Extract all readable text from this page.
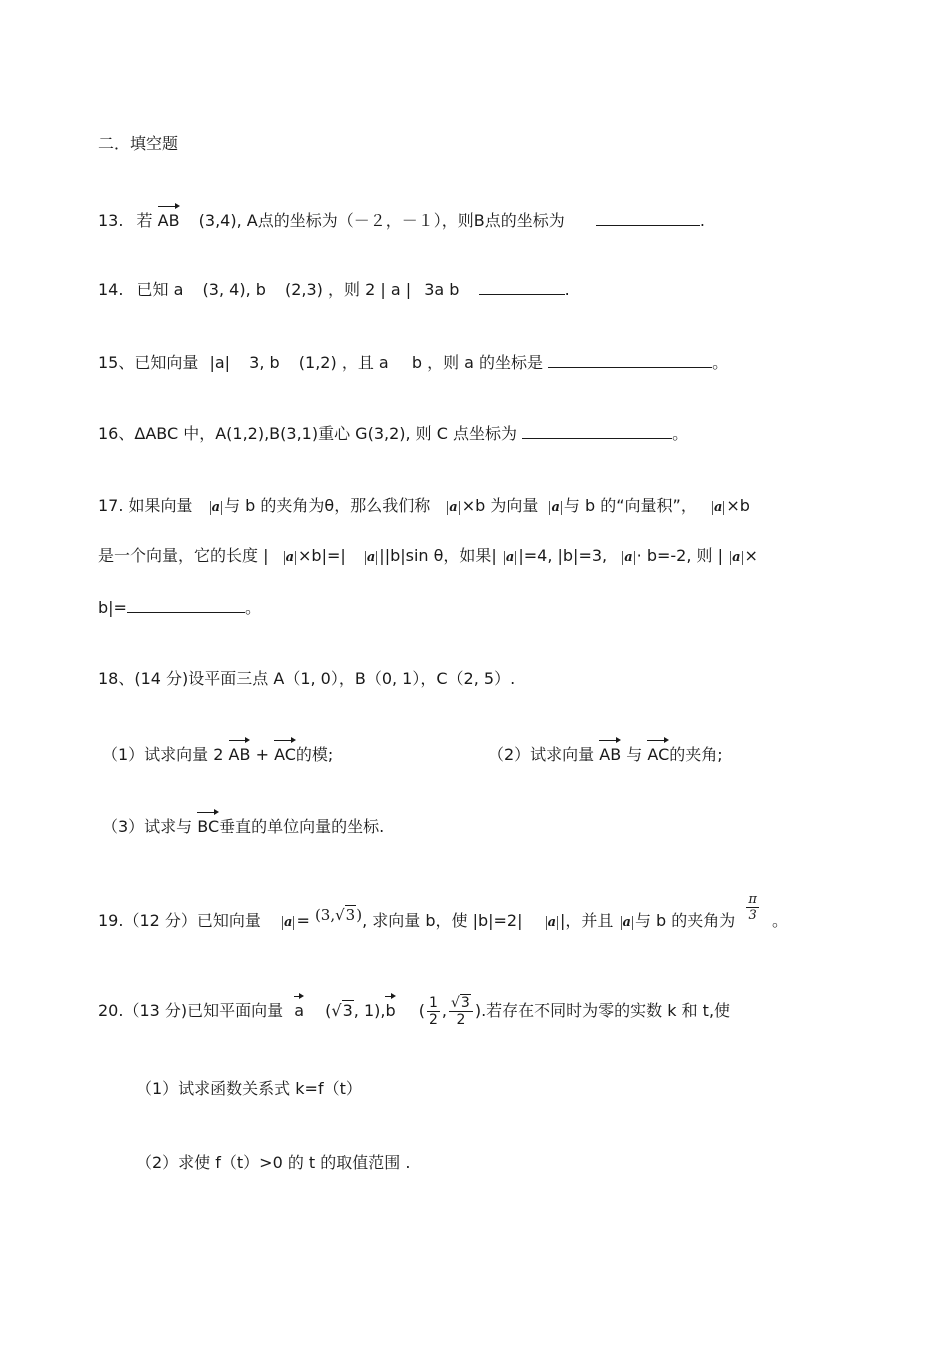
二．填空题
13. 若 AB (3,4), A点的坐标为（－２，－１），则B点的坐标为	.
14. 已知 a (3, 4), b (2,3) ，则 2 | a | 3a b	.
15、已知向量 |a| 3, b (1,2) ，且 a b ，则 a 的坐标是	。
16、ΔABC 中，A(1,2),B(3,1)重心 G(3,2), 则 C 点坐标为	。
17. 如果向量 a 与 b 的夹角为θ，那么我们称 a ×b 为向量 a 与 b 的“向量积”， a ×b
是一个向量，它的长度 | a ×b|=| a ||b|sin θ，如果| a |=4, |b|=3, a · b=-2, 则 | a ×
b|=	。
18、(14 分)设平面三点 A（1, 0），B（0, 1），C（2, 5）.
（1）试求向量 2 AB + AC的模;	（2）试求向量 AB 与 AC的夹角;
（3）试求与 BC垂直的单位向量的坐标.
19.（12 分）已知向量 a = (3,√3), 求向量 b，使 |b|=2| a |，并且 a 与 b 的夹角为 $\frac{\pi}{3}$ 。
20.（13 分)已知平面向量 a (√3, 1),b ( $\frac{1}{2}$ , $\frac{√3}{2}$ ).若存在不同时为零的实数 k 和 t,使
（1）试求函数关系式 k=f（t）
（2）求使 f（t）>0 的 t 的取值范围 .
